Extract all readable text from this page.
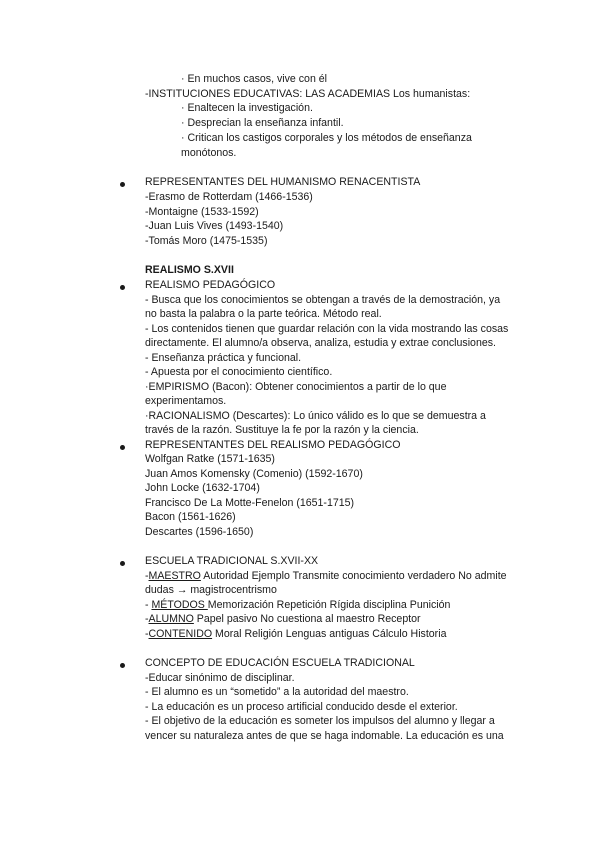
· En muchos casos, vive con él
-INSTITUCIONES EDUCATIVAS: LAS ACADEMIAS Los humanistas:
· Enaltecen la investigación.
· Desprecian la enseñanza infantil.
· Critican los castigos corporales y los métodos de enseñanza
monótonos.
REPRESENTANTES DEL HUMANISMO RENACENTISTA
-Erasmo de Rotterdam (1466-1536)
-Montaigne (1533-1592)
-Juan Luis Vives (1493-1540)
-Tomás Moro (1475-1535)
REALISMO S.XVII
REALISMO PEDAGÓGICO
- Busca que los conocimientos se obtengan a través de la demostración, ya
no basta la palabra o la parte teórica. Método real.
- Los contenidos tienen que guardar relación con la vida mostrando las cosas
directamente. El alumno/a observa, analiza, estudia y extrae conclusiones.
- Enseñanza práctica y funcional.
- Apuesta por el conocimiento científico.
·EMPIRISMO (Bacon): Obtener conocimientos a partir de lo que
experimentamos.
·RACIONALISMO (Descartes): Lo único válido es lo que se demuestra a
través de la razón. Sustituye la fe por la razón y la ciencia.
REPRESENTANTES DEL REALISMO PEDAGÓGICO
Wolfgan Ratke (1571-1635)
Juan Amos Komensky (Comenio) (1592-1670)
John Locke (1632-1704)
Francisco De La Motte-Fenelon (1651-1715)
Bacon (1561-1626)
Descartes (1596-1650)
ESCUELA TRADICIONAL S.XVII-XX
-MAESTRO Autoridad Ejemplo Transmite conocimiento verdadero No admite
dudas → magistrocentrismo
- MÉTODOS Memorización Repetición Rígida disciplina Punición
-ALUMNO Papel pasivo No cuestiona al maestro Receptor
-CONTENIDO Moral Religión Lenguas antiguas Cálculo Historia
CONCEPTO DE EDUCACIÓN ESCUELA TRADICIONAL
-Educar sinónimo de disciplinar.
- El alumno es un “sometido” a la autoridad del maestro.
- La educación es un proceso artificial conducido desde el exterior.
- El objetivo de la educación es someter los impulsos del alumno y llegar a
vencer su naturaleza antes de que se haga indomable. La educación es una
